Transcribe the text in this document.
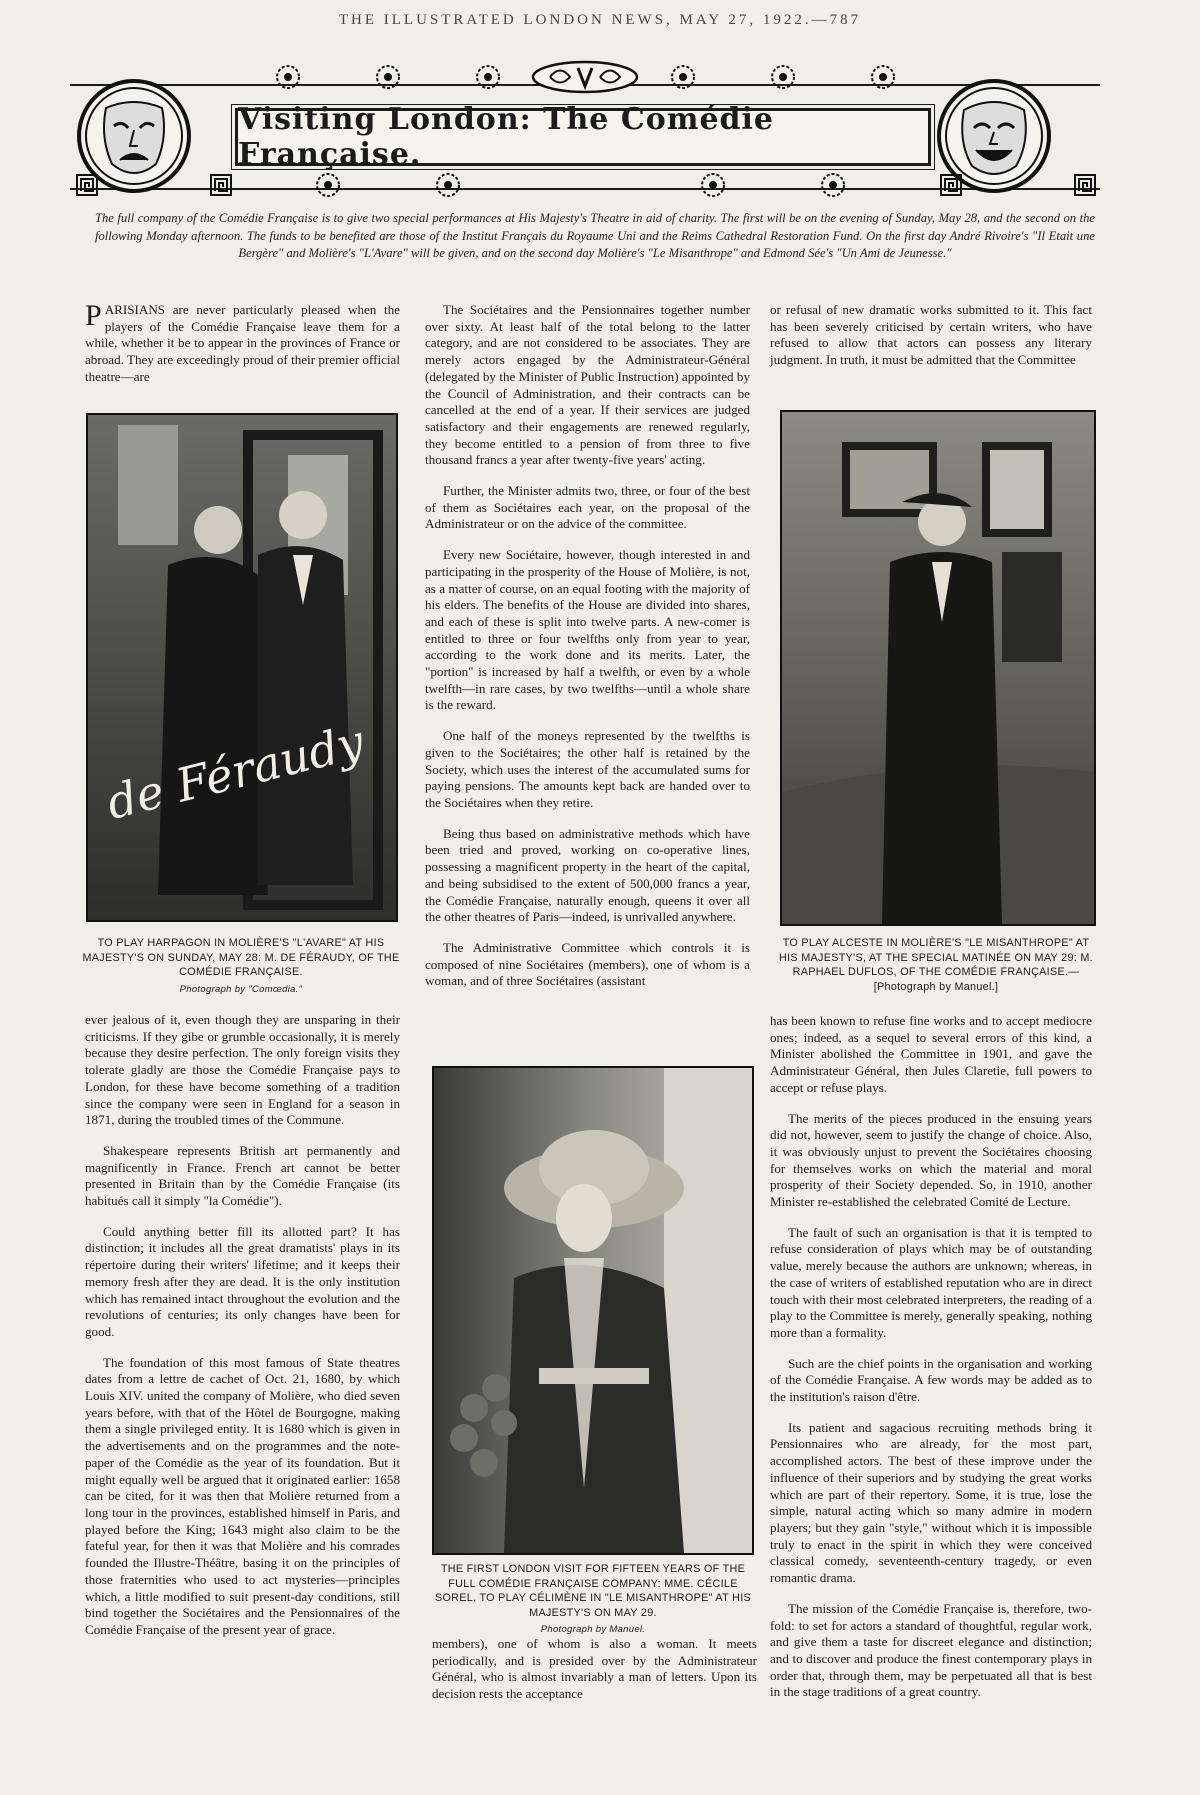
THE ILLUSTRATED LONDON NEWS, MAY 27, 1922.—787
Visiting London: The Comédie Française.
The full company of the Comédie Française is to give two special performances at His Majesty's Theatre in aid of charity. The first will be on the evening of Sunday, May 28, and the second on the following Monday afternoon. The funds to be benefited are those of the Institut Français du Royaume Uni and the Reims Cathedral Restoration Fund. On the first day André Rivoire's "Il Etait une Bergère" and Molière's "L'Avare" will be given, and on the second day Molière's "Le Misanthrope" and Edmond Sée's "Un Ami de Jeunesse."

PARISIANS are never particularly pleased when the players of the Comédie Française leave them for a while, whether it be to appear in the provinces of France or abroad. They are exceedingly proud of their premier official theatre—are

de Féraudy
TO PLAY HARPAGON IN MOLIÈRE'S "L'AVARE" AT HIS MAJESTY'S ON SUNDAY, MAY 28: M. DE FÉRAUDY, OF THE COMÉDIE FRANÇAISE.
Photograph by "Comœdia."

ever jealous of it, even though they are unsparing in their criticisms. If they gibe or grumble occasionally, it is merely because they desire perfection. The only foreign visits they tolerate gladly are those the Comédie Française pays to London, for these have become something of a tradition since the company were seen in England for a season in 1871, during the troubled times of the Commune.

Shakespeare represents British art permanently and magnificently in France. French art cannot be better presented in Britain than by the Comédie Française (its habitués call it simply "la Comédie").

Could anything better fill its allotted part? It has distinction; it includes all the great dramatists' plays in its répertoire during their writers' lifetime; and it keeps their memory fresh after they are dead. It is the only institution which has remained intact throughout the evolution and the revolutions of centuries; its only changes have been for good.

The foundation of this most famous of State theatres dates from a lettre de cachet of Oct. 21, 1680, by which Louis XIV. united the company of Molière, who died seven years before, with that of the Hôtel de Bourgogne, making them a single privileged entity. It is 1680 which is given in the advertisements and on the programmes and the note-paper of the Comédie as the year of its foundation. But it might equally well be argued that it originated earlier: 1658 can be cited, for it was then that Molière returned from a long tour in the provinces, established himself in Paris, and played before the King; 1643 might also claim to be the fateful year, for then it was that Molière and his comrades founded the Illustre-Théâtre, basing it on the principles of those fraternities who used to act mysteries—principles which, a little modified to suit present-day conditions, still bind together the Sociétaires and the Pensionnaires of the Comédie Française of the present year of grace.

The Sociétaires and the Pensionnaires together number over sixty. At least half of the total belong to the latter category, and are not considered to be associates. They are merely actors engaged by the Administrateur-Général (delegated by the Minister of Public Instruction) appointed by the Council of Administration, and their contracts can be cancelled at the end of a year. If their services are judged satisfactory and their engagements are renewed regularly, they become entitled to a pension of from three to five thousand francs a year after twenty-five years' acting.

Further, the Minister admits two, three, or four of the best of them as Sociétaires each year, on the proposal of the Administrateur or on the advice of the committee.

Every new Sociétaire, however, though interested in and participating in the prosperity of the House of Molière, is not, as a matter of course, on an equal footing with the majority of his elders. The benefits of the House are divided into shares, and each of these is split into twelve parts. A new-comer is entitled to three or four twelfths only from year to year, according to the work done and its merits. Later, the "portion" is increased by half a twelfth, or even by a whole twelfth—in rare cases, by two twelfths—until a whole share is the reward.

One half of the moneys represented by the twelfths is given to the Sociétaires; the other half is retained by the Society, which uses the interest of the accumulated sums for paying pensions. The amounts kept back are handed over to the Sociétaires when they retire.

Being thus based on administrative methods which have been tried and proved, working on co-operative lines, possessing a magnificent property in the heart of the capital, and being subsidised to the extent of 500,000 francs a year, the Comédie Française, naturally enough, queens it over all the other theatres of Paris—indeed, is unrivalled anywhere.

The Administrative Committee which controls it is composed of nine Sociétaires (members), one of whom is a woman, and of three Sociétaires (assistant

THE FIRST LONDON VISIT FOR FIFTEEN YEARS OF THE FULL COMÉDIE FRANÇAISE COMPANY: MME. CÉCILE SOREL, TO PLAY CÉLIMÈNE IN "LE MISANTHROPE" AT HIS MAJESTY'S ON MAY 29.
Photograph by Manuel.

members), one of whom is also a woman. It meets periodically, and is presided over by the Administrateur Général, who is almost invariably a man of letters. Upon its decision rests the acceptance

or refusal of new dramatic works submitted to it. This fact has been severely criticised by certain writers, who have refused to allow that actors can possess any literary judgment. In truth, it must be admitted that the Committee

TO PLAY ALCESTE IN MOLIÈRE'S "LE MISANTHROPE" AT HIS MAJESTY'S, AT THE SPECIAL MATINÉE ON MAY 29: M. RAPHAEL DUFLOS, OF THE COMÉDIE FRANÇAISE.—[Photograph by Manuel.]

has been known to refuse fine works and to accept mediocre ones; indeed, as a sequel to several errors of this kind, a Minister abolished the Committee in 1901, and gave the Administrateur Général, then Jules Claretie, full powers to accept or refuse plays.

The merits of the pieces produced in the ensuing years did not, however, seem to justify the change of choice. Also, it was obviously unjust to prevent the Sociétaires choosing for themselves works on which the material and moral prosperity of their Society depended. So, in 1910, another Minister re-established the celebrated Comité de Lecture.

The fault of such an organisation is that it is tempted to refuse consideration of plays which may be of outstanding value, merely because the authors are unknown; whereas, in the case of writers of established reputation who are in direct touch with their most celebrated interpreters, the reading of a play to the Committee is merely, generally speaking, nothing more than a formality.

Such are the chief points in the organisation and working of the Comédie Française. A few words may be added as to the institution's raison d'être.

Its patient and sagacious recruiting methods bring it Pensionnaires who are already, for the most part, accomplished actors. The best of these improve under the influence of their superiors and by studying the great works which are part of their repertory. Some, it is true, lose the simple, natural acting which so many admire in modern players; but they gain "style," without which it is impossible truly to enact in the spirit in which they were conceived classical comedy, seventeenth-century tragedy, or even romantic drama.

The mission of the Comédie Française is, therefore, two-fold: to set for actors a standard of thoughtful, regular work, and give them a taste for discreet elegance and distinction; and to discover and produce the finest contemporary plays in order that, through them, may be perpetuated all that is best in the stage traditions of a great country.
